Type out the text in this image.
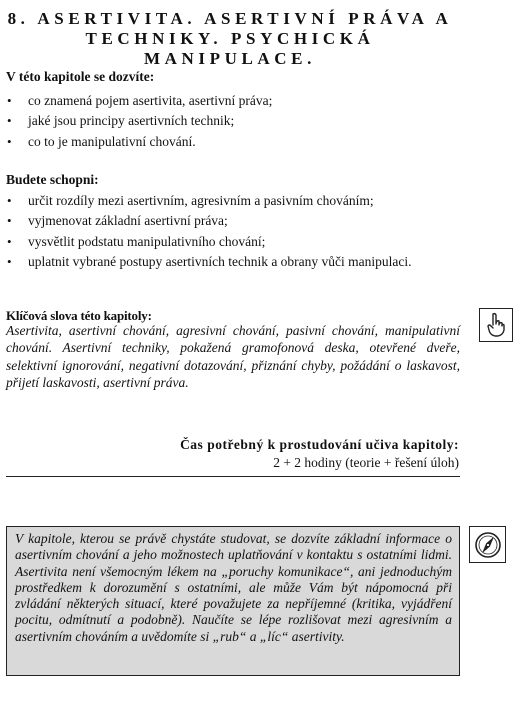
8. ASERTIVITA. ASERTIVNÍ PRÁVA A
TECHNIKY. PSYCHICKÁ MANIPULACE.

V této kapitole se dozvíte:

• co znamená pojem asertivita, asertivní práva;
• jaké jsou principy asertivních technik;
• co to je manipulativní chování.

Budete schopni:

• určit rozdíly mezi asertivním, agresivním a pasivním chováním;
• vyjmenovat základní asertivní práva;
• vysvětlit podstatu manipulativního chování;
• uplatnit vybrané postupy asertivních technik a obrany vůči manipulaci.

Klíčová slova této kapitoly:

Asertivita, asertivní chování, agresivní chování, pasivní chování, manipulativní chování. Asertivní techniky, pokažená gramofonová deska, otevřené dveře, selektivní ignorování, negativní dotazování, přiznání chyby, požádání o laskavost, přijetí laskavosti, asertivní práva.

Čas potřebný k prostudování učiva kapitoly:

2 + 2 hodiny (teorie + řešení úloh)

V kapitole, kterou se právě chystáte studovat, se dozvíte základní informace o asertivním chování a jeho možnostech uplatňování v kontaktu s ostatními lidmi. Asertivita není všemocným lékem na „poruchy komunikace“, ani jednoduchým prostředkem k dorozumění s ostatními, ale může Vám být nápomocná při zvládání některých situací, které považujete za nepříjemné (kritika, vyjádření pocitu, odmítnutí a podobně). Naučíte se lépe rozlišovat mezi agresivním a asertivním chováním a uvědomíte si „rub“ a „líc“ asertivity.
